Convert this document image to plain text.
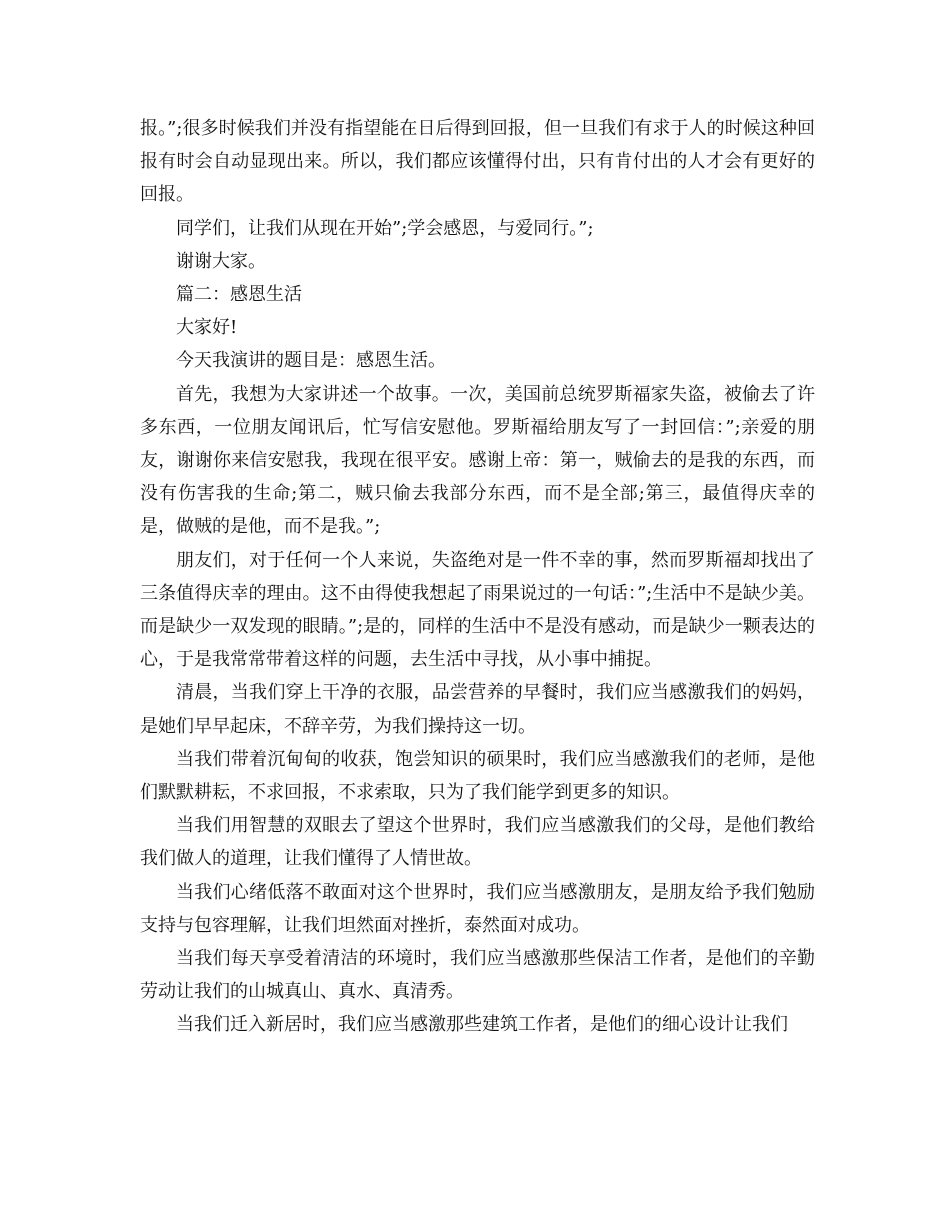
报。”;很多时候我们并没有指望能在日后得到回报，但一旦我们有求于人的时候这种回报有时会自动显现出来。所以，我们都应该懂得付出，只有肯付出的人才会有更好的回报。

同学们，让我们从现在开始”;学会感恩，与爱同行。”;

谢谢大家。

篇二：感恩生活

大家好!

今天我演讲的题目是：感恩生活。

首先，我想为大家讲述一个故事。一次，美国前总统罗斯福家失盗，被偷去了许多东西，一位朋友闻讯后，忙写信安慰他。罗斯福给朋友写了一封回信：”;亲爱的朋友，谢谢你来信安慰我，我现在很平安。感谢上帝：第一，贼偷去的是我的东西，而没有伤害我的生命;第二，贼只偷去我部分东西，而不是全部;第三，最值得庆幸的是，做贼的是他，而不是我。”;

朋友们，对于任何一个人来说，失盗绝对是一件不幸的事，然而罗斯福却找出了三条值得庆幸的理由。这不由得使我想起了雨果说过的一句话：”;生活中不是缺少美。而是缺少一双发现的眼睛。”;是的，同样的生活中不是没有感动，而是缺少一颗表达的心，于是我常常带着这样的问题，去生活中寻找，从小事中捕捉。

清晨，当我们穿上干净的衣服，品尝营养的早餐时，我们应当感激我们的妈妈，是她们早早起床，不辞辛劳，为我们操持这一切。

当我们带着沉甸甸的收获，饱尝知识的硕果时，我们应当感激我们的老师，是他们默默耕耘，不求回报，不求索取，只为了我们能学到更多的知识。

当我们用智慧的双眼去了望这个世界时，我们应当感激我们的父母，是他们教给我们做人的道理，让我们懂得了人情世故。

当我们心绪低落不敢面对这个世界时，我们应当感激朋友，是朋友给予我们勉励支持与包容理解，让我们坦然面对挫折，泰然面对成功。

当我们每天享受着清洁的环境时，我们应当感激那些保洁工作者，是他们的辛勤劳动让我们的山城真山、真水、真清秀。

当我们迁入新居时，我们应当感激那些建筑工作者，是他们的细心设计让我们
